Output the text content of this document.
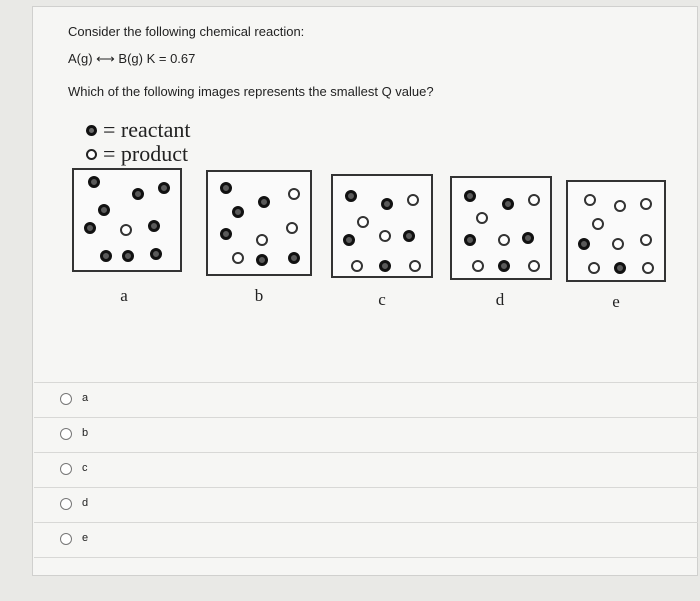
Consider the following chemical reaction:
A(g) ⟷ B(g) K = 0.67
Which of the following images represents the smallest Q value?
= reactant
= product
a	b	c	d	e
a
b
c
d
e
